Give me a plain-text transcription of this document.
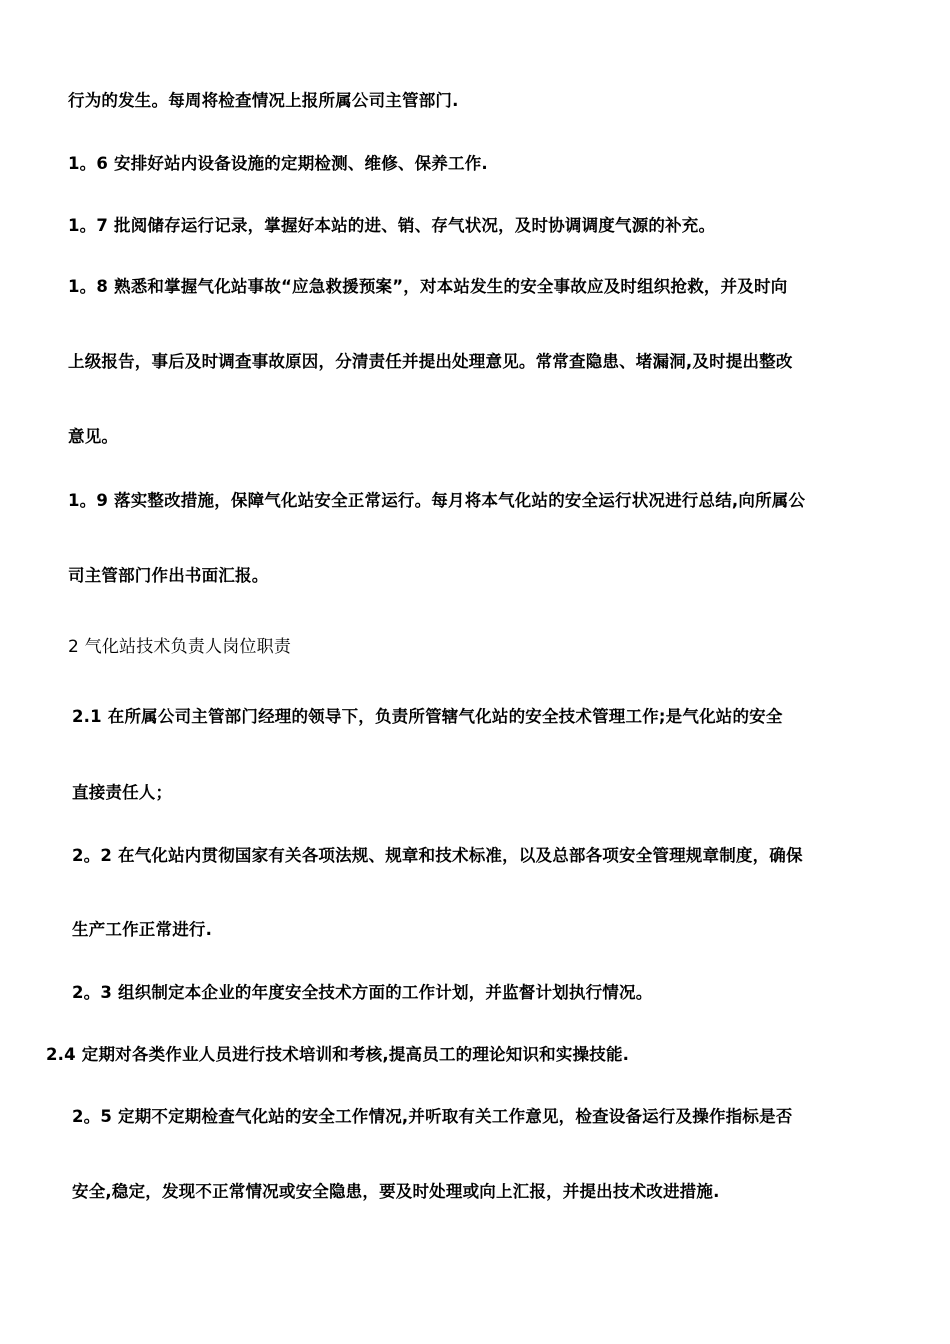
行为的发生。每周将检查情况上报所属公司主管部门.
1。6 安排好站内设备设施的定期检测、维修、保养工作.
1。7 批阅储存运行记录，掌握好本站的进、销、存气状况，及时协调调度气源的补充。
1。8 熟悉和掌握气化站事故“应急救援预案”，对本站发生的安全事故应及时组织抢救，并及时向
上级报告，事后及时调查事故原因，分清责任并提出处理意见。常常查隐患、堵漏洞,及时提出整改
意见。
1。9 落实整改措施，保障气化站安全正常运行。每月将本气化站的安全运行状况进行总结,向所属公
司主管部门作出书面汇报。
2 气化站技术负责人岗位职责
2.1 在所属公司主管部门经理的领导下，负责所管辖气化站的安全技术管理工作;是气化站的安全
直接责任人；
2。2 在气化站内贯彻国家有关各项法规、规章和技术标准，以及总部各项安全管理规章制度，确保
生产工作正常进行.
2。3 组织制定本企业的年度安全技术方面的工作计划，并监督计划执行情况。
2.4 定期对各类作业人员进行技术培训和考核,提高员工的理论知识和实操技能.
2。5 定期不定期检查气化站的安全工作情况,并听取有关工作意见，检查设备运行及操作指标是否
安全,稳定，发现不正常情况或安全隐患，要及时处理或向上汇报，并提出技术改进措施.
